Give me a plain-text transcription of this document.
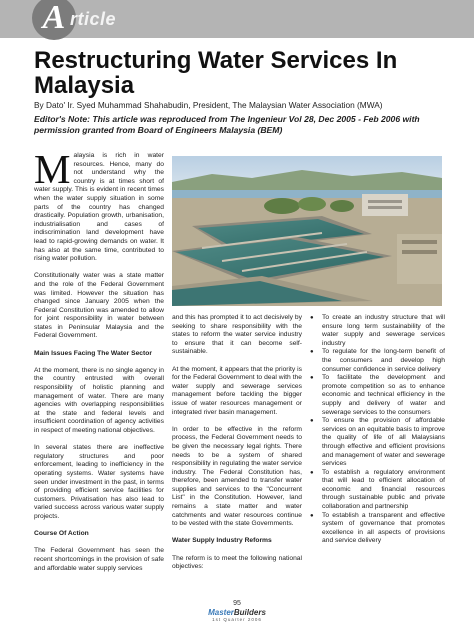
A rticle
Restructuring Water Services In Malaysia
By Dato' Ir. Syed Muhammad Shahabudin, President, The Malaysian Water Association (MWA)
Editor's Note: This article was reproduced from The Ingenieur Vol 28, Dec 2005 - Feb 2006 with permission granted from Board of Engineers Malaysia (BEM)

Malaysia is rich in water resources. Hence, many do not understand why the country is at times short of water supply. This is evident in recent times when the water supply situation in some parts of the country has changed drastically. Population growth, urbanisation, industrialisation and cases of indiscrimination land development have lead to rapid-growing demands on water. It has also at the same time, contributed to rising water pollution.

Constitutionally water was a state matter and the role of the Federal Government was limited. However the situation has changed since January 2005 when the Federal Constitution was amended to allow for joint responsibility in water between states in Peninsular Malaysia and the Federal Government.

Main Issues Facing The Water Sector

At the moment, there is no single agency in the country entrusted with overall responsibility of holistic planning and management of water. There are many agencies with overlapping responsibilities at the state and federal levels and insufficient coordination of agency activities in respect of meeting national objectives.

In several states there are ineffective regulatory structures and poor enforcement, leading to inefficiency in the operating systems. Water systems have seen under investment in the past, in terms of providing efficient service facilities for customers. Privatisation has also lead to varied success across various water supply projects.

Course Of Action

The Federal Government has seen the recent shortcomings in the provision of safe and affordable water supply services

and this has prompted it to act decisively by seeking to share responsibility with the states to reform the water service industry to ensure that it can become self-sustainable.

At the moment, it appears that the priority is for the Federal Government to deal with the water supply and sewerage services management before tackling the bigger issue of water resources management or integrated river basin management.

In order to be effective in the reform process, the Federal Government needs to be given the necessary legal rights. There needs to be a system of shared responsibility in regulating the water service industry. The Federal Constitution has, therefore, been amended to transfer water supplies and services to the "Concurrent List" in the Constitution. However, land remains a state matter and water catchments and water resources continue to be vested with the state Governments.

Water Supply Industry Reforms

The reform is to meet the following national objectives:

● To create an industry structure that will ensure long term sustainability of the water supply and sewerage services industry
● To regulate for the long-term benefit of the consumers and develop high consumer confidence in service delivery
● To facilitate the development and promote competition so as to enhance economic and technical efficiency in the supply and delivery of water and sewerage services to the consumers
● To ensure the provision of affordable services on an equitable basis to improve the quality of life of all Malaysians through effective and efficient provisions and management of water and sewerage services
● To establish a regulatory environment that will lead to efficient allocation of economic and financial resources through sustainable public and private collaboration and partnership
● To establish a transparent and effective system of governance that promotes excellence in all aspects of provisions and service delivery
95
MasterBuilders
1st Quarter 2006
